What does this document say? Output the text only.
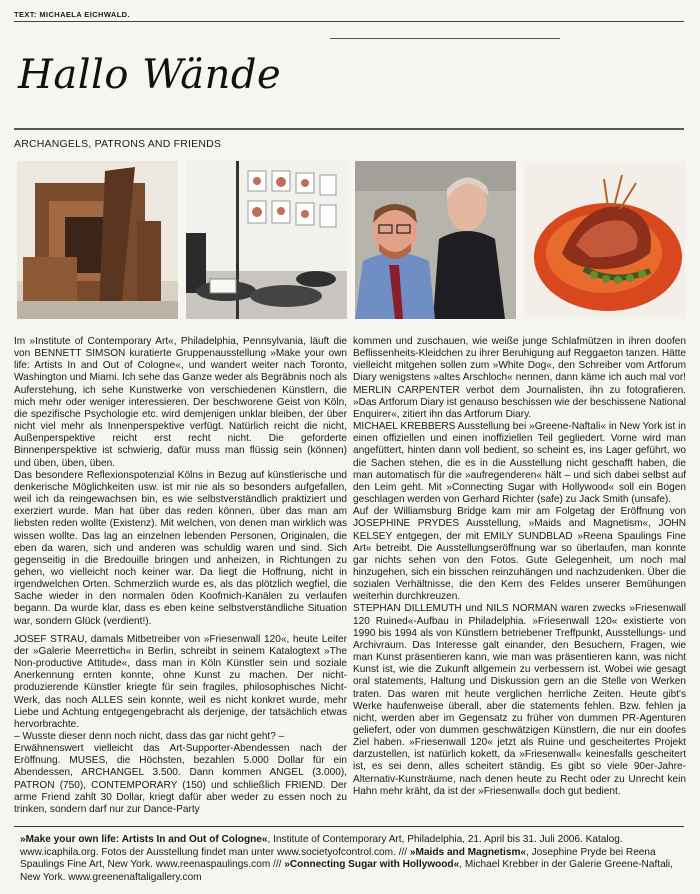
TEXT: MICHAELA EICHWALD.
Hallo Wände
ARCHANGELS, PATRONS AND FRIENDS

Im »Institute of Contemporary Art«, Philadelphia, Pennsylvania, läuft die von BENNETT SIMSON kuratierte Gruppenausstellung »Make your own life: Artists In and Out of Cologne«, und wandert weiter nach Toronto, Washington und Miami. Ich sehe das Ganze weder als Begräbnis noch als Auferstehung, ich sehe Kunstwerke von verschiedenen Künstlern, die mich mehr oder weniger interessieren. Der beschworene Geist von Köln, die spezifische Psychologie etc. wird demjenigen unklar bleiben, der über nicht viel mehr als Innenperspektive verfügt. Natürlich reicht die nicht, Außenperspektive reicht erst recht nicht. Die geforderte Binnenperspektive ist schwierig, dafür muss man flüssig sein (können) und üben, üben, üben.

Das besondere Reflexionspotenzial Kölns in Bezug auf künstlerische und denkerische Möglichkeiten usw. ist mir nie als so besonders aufgefallen, weil ich da reingewachsen bin, es wie selbstverständlich praktiziert und exerziert wurde. Man hat über das reden können, über das man am liebsten reden wollte (Existenz). Mit welchen, von denen man wirklich was wissen wollte. Das lag an einzelnen lebenden Personen, Originalen, die eben da waren, sich und anderen was schuldig waren und sind. Sich gegenseitig in die Bredouille bringen und anheizen, in Richtungen zu gehen, wo vielleicht noch keiner war. Da liegt die Hoffnung, nicht in irgendwelchen Orten. Schmerzlich wurde es, als das plötzlich wegfiel, die Sache wieder in den normalen öden Koofmich-Kanälen zu verlaufen begann. Da wurde klar, dass es eben keine selbstverständliche Situation war, sondern Glück (verdient!).

JOSEF STRAU, damals Mitbetreiber von »Friesenwall 120«, heute Leiter der »Galerie Meerrettich« in Berlin, schreibt in seinem Katalogtext »The Non-productive Attitude«, dass man in Köln Künstler sein und soziale Anerkennung ernten konnte, ohne Kunst zu machen. Der nicht-produzierende Künstler kriegte für sein fragiles, philosophisches Nicht-Werk, das noch ALLES sein konnte, weil es nicht konkret wurde, mehr Liebe und Achtung entgegengebracht als derjenige, der tatsächlich etwas hervorbrachte.

– Wusste dieser denn noch nicht, dass das gar nicht geht? –

Erwähnenswert vielleicht das Art-Supporter-Abendessen nach der Eröffnung. MUSES, die Höchsten, bezahlen 5.000 Dollar für ein Abendessen, ARCHANGEL 3.500. Dann kommen ANGEL (3.000), PATRON (750), CONTEMPORARY (150) und schließlich FRIEND. Der arme Friend zahlt 30 Dollar, kriegt dafür aber weder zu essen noch zu trinken, sondern darf nur zur Dance-Party

kommen und zuschauen, wie weiße junge Schlafmützen in ihren doofen Beflissenheits-Kleidchen zu ihrer Beruhigung auf Reggaeton tanzen. Hätte vielleicht mitgehen sollen zum »White Dog«, den Schreiber vom Artforum Diary wenigstens »altes Arschloch« nennen, dann käme ich auch mal vor! MERLIN CARPENTER verbot dem Journalisten, ihn zu fotografieren. »Das Artforum Diary ist genauso beschissen wie der beschissene National Enquirer«, zitiert ihn das Artforum Diary.

MICHAEL KREBBERS Ausstellung bei »Greene-Naftali« in New York ist in einen offiziellen und einen inoffiziellen Teil gegliedert. Vorne wird man angefüttert, hinten dann voll bedient, so scheint es, ins Lager geführt, wo die Sachen stehen, die es in die Ausstellung nicht geschafft haben, die man automatisch für die »aufregenderen« hält – und sich dabei selbst auf den Leim geht. Mit »Connecting Sugar with Hollywood« soll ein Bogen geschlagen werden von Gerhard Richter (safe) zu Jack Smith (unsafe).

Auf der Williamsburg Bridge kam mir am Folgetag der Eröffnung von JOSEPHINE PRYDES Ausstellung, »Maids and Magnetism«, JOHN KELSEY entgegen, der mit EMILY SUNDBLAD »Reena Spaulings Fine Art« betreibt. Die Ausstellungseröffnung war so überlaufen, man konnte gar nichts sehen von den Fotos. Gute Gelegenheit, um noch mal hinzugehen, sich ein bisschen reinzuhängen und nachzudenken. Über die sozialen Verhältnisse, die den Kern des Feldes unserer Bemühungen weiterhin durchkreuzen.

STEPHAN DILLEMUTH und NILS NORMAN waren zwecks »Friesenwall 120 Ruined«-Aufbau in Philadelphia. »Friesenwall 120« existierte von 1990 bis 1994 als von Künstlern betriebener Treffpunkt, Ausstellungs- und Archivraum. Das Interesse galt einander, den Besuchern, Fragen, wie man Kunst präsentieren kann, wie man was präsentieren kann, was nicht Kunst ist, wie die Zukunft allgemein zu verbessern ist. Wobei wie gesagt oral statements, Haltung und Diskussion gern an die Stelle von Werken traten. Das waren mit heute verglichen herrliche Zeiten. Heute gibt's Werke haufenweise überall, aber die statements fehlen. Bzw. fehlen ja nicht, werden aber im Gegensatz zu früher von dummen PR-Agenturen geliefert, oder von dummen geschwätzigen Künstlern, die nur ein doofes Ziel haben. »Friesenwall 120« jetzt als Ruine und gescheitertes Projekt darzustellen, ist natürlich kokett, da »Friesenwall« keinesfalls gescheitert ist, es sei denn, alles scheitert ständig. Es gibt so viele 90er-Jahre-Alternativ-Kunsträume, nach denen heute zu Recht oder zu Unrecht kein Hahn mehr kräht, da ist der »Friesenwall« doch gut bedient.

»Make your own life: Artists In and Out of Cologne«, Institute of Contemporary Art, Philadelphia, 21. April bis 31. Juli 2006. Katalog. www.icaphila.org. Fotos der Ausstellung findet man unter www.societyofcontrol.com. /// »Maids and Magnetism«, Josephine Pryde bei Reena Spaulings Fine Art, New York. www.reenaspaulings.com /// »Connecting Sugar with Hollywood«, Michael Krebber in der Galerie Greene-Naftali, New York. www.greenenaftaligallery.com
